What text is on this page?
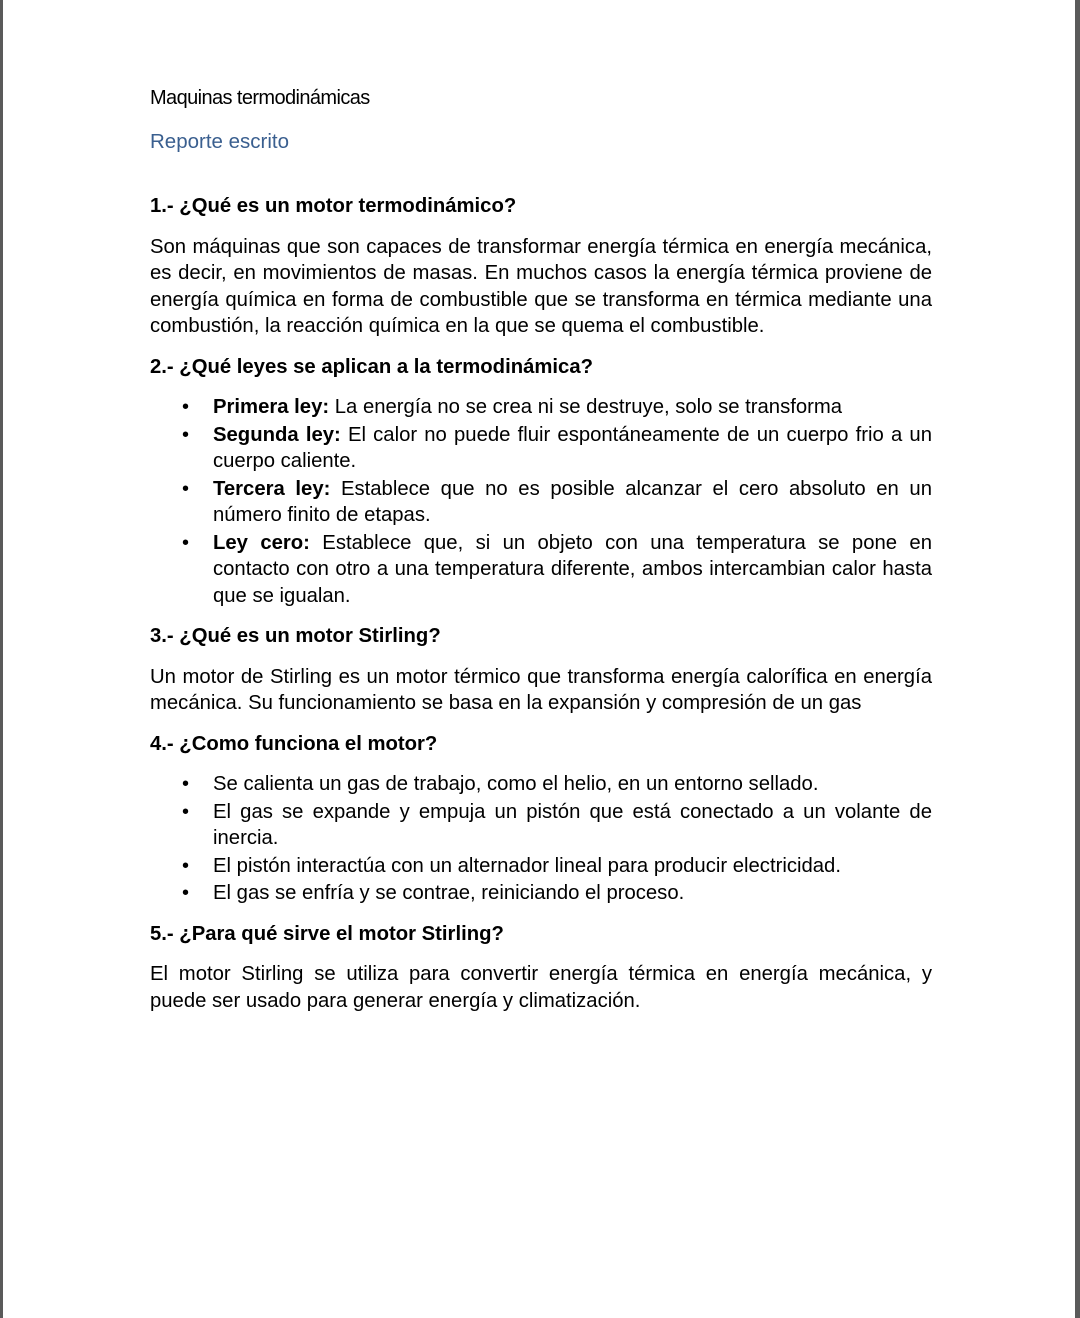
Maquinas termodinámicas

Reporte escrito

1.- ¿Qué es un motor termodinámico?

Son máquinas que son capaces de transformar energía térmica en energía mecánica, es decir, en movimientos de masas. En muchos casos la energía térmica proviene de energía química en forma de combustible que se transforma en térmica mediante una combustión, la reacción química en la que se quema el combustible.

2.- ¿Qué leyes se aplican a la termodinámica?

• Primera ley: La energía no se crea ni se destruye, solo se transforma
• Segunda ley: El calor no puede fluir espontáneamente de un cuerpo frio a un cuerpo caliente.
• Tercera ley: Establece que no es posible alcanzar el cero absoluto en un número finito de etapas.
• Ley cero: Establece que, si un objeto con una temperatura se pone en contacto con otro a una temperatura diferente, ambos intercambian calor hasta que se igualan.

3.- ¿Qué es un motor Stirling?

Un motor de Stirling es un motor térmico que transforma energía calorífica en energía mecánica. Su funcionamiento se basa en la expansión y compresión de un gas

4.- ¿Como funciona el motor?

• Se calienta un gas de trabajo, como el helio, en un entorno sellado.
• El gas se expande y empuja un pistón que está conectado a un volante de inercia.
• El pistón interactúa con un alternador lineal para producir electricidad.
• El gas se enfría y se contrae, reiniciando el proceso.

5.- ¿Para qué sirve el motor Stirling?

El motor Stirling se utiliza para convertir energía térmica en energía mecánica, y puede ser usado para generar energía y climatización.
